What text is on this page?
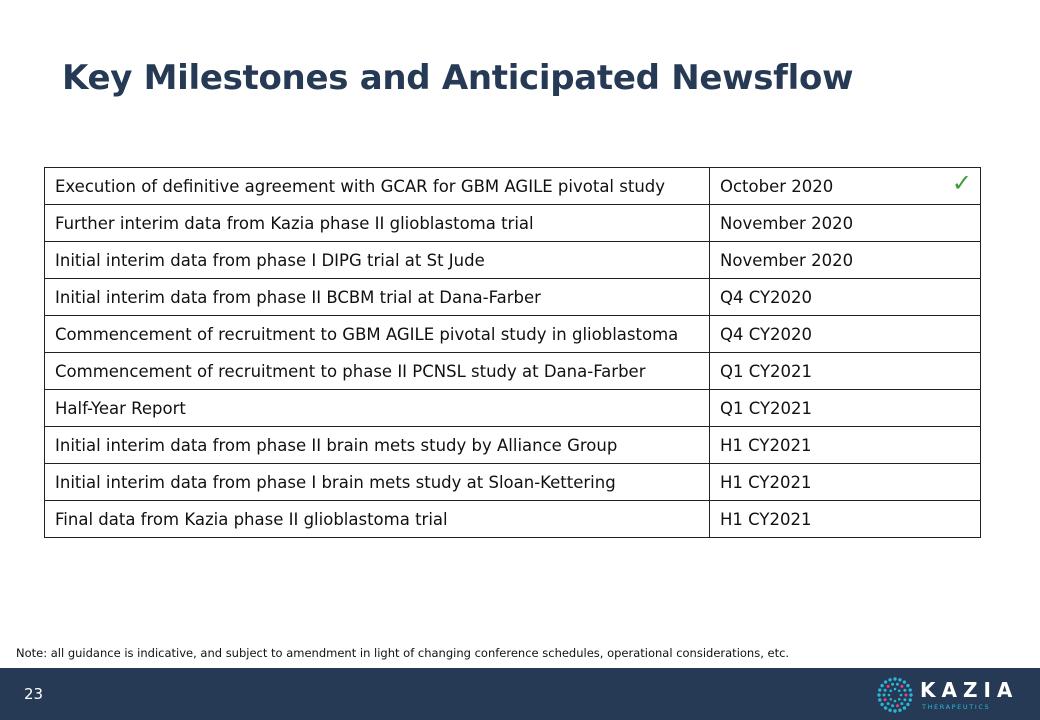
Key Milestones and Anticipated Newsflow
Execution of definitive agreement with GCAR for GBM AGILE pivotal study	October 2020 ✓

Further interim data from Kazia phase II glioblastoma trial	November 2020
Initial interim data from phase I DIPG trial at St Jude	November 2020
Initial interim data from phase II BCBM trial at Dana-Farber	Q4 CY2020
Commencement of recruitment to GBM AGILE pivotal study in glioblastoma	Q4 CY2020
Commencement of recruitment to phase II PCNSL study at Dana-Farber	Q1 CY2021
Half-Year Report	Q1 CY2021
Initial interim data from phase II brain mets study by Alliance Group	H1 CY2021
Initial interim data from phase I brain mets study at Sloan-Kettering	H1 CY2021
Final data from Kazia phase II glioblastoma trial	H1 CY2021
Note: all guidance is indicative, and subject to amendment in light of changing conference schedules, operational considerations, etc.
23	KAZIA
THERAPEUTICS
